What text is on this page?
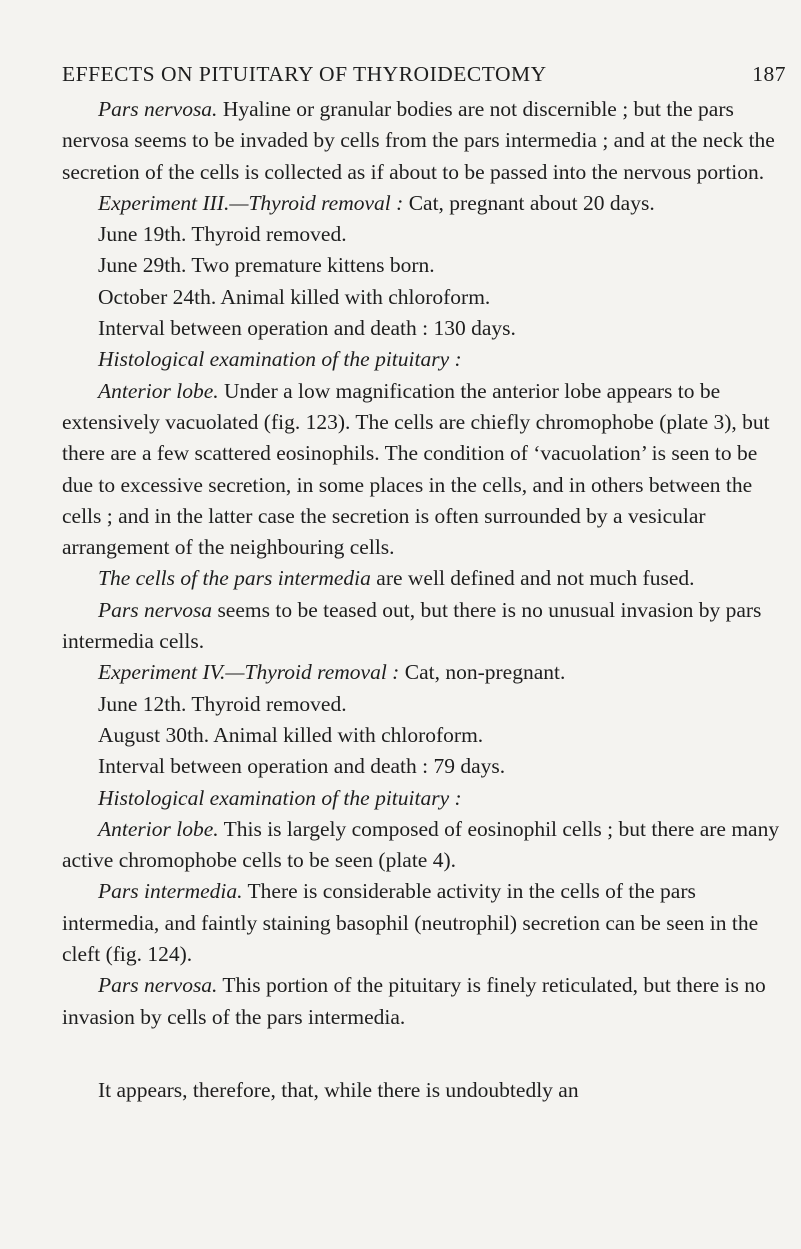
EFFECTS ON PITUITARY OF THYROIDECTOMY	187

Pars nervosa. Hyaline or granular bodies are not discernible ; but the pars nervosa seems to be invaded by cells from the pars intermedia ; and at the neck the secretion of the cells is collected as if about to be passed into the nervous portion.

Experiment III.—Thyroid removal : Cat, pregnant about 20 days.

June 19th. Thyroid removed.

June 29th. Two premature kittens born.

October 24th. Animal killed with chloroform.

Interval between operation and death : 130 days.

Histological examination of the pituitary :

Anterior lobe. Under a low magnification the anterior lobe appears to be extensively vacuolated (fig. 123). The cells are chiefly chromophobe (plate 3), but there are a few scattered eosinophils. The condition of ‘vacuolation’ is seen to be due to excessive secretion, in some places in the cells, and in others between the cells ; and in the latter case the secretion is often surrounded by a vesicular arrangement of the neighbouring cells.

The cells of the pars intermedia are well defined and not much fused.

Pars nervosa seems to be teased out, but there is no unusual invasion by pars intermedia cells.

Experiment IV.—Thyroid removal : Cat, non-pregnant.

June 12th. Thyroid removed.

August 30th. Animal killed with chloroform.

Interval between operation and death : 79 days.

Histological examination of the pituitary :

Anterior lobe. This is largely composed of eosinophil cells ; but there are many active chromophobe cells to be seen (plate 4).

Pars intermedia. There is considerable activity in the cells of the pars intermedia, and faintly staining basophil (neutrophil) secretion can be seen in the cleft (fig. 124).

Pars nervosa. This portion of the pituitary is finely reticulated, but there is no invasion by cells of the pars intermedia.

It appears, therefore, that, while there is undoubtedly an
